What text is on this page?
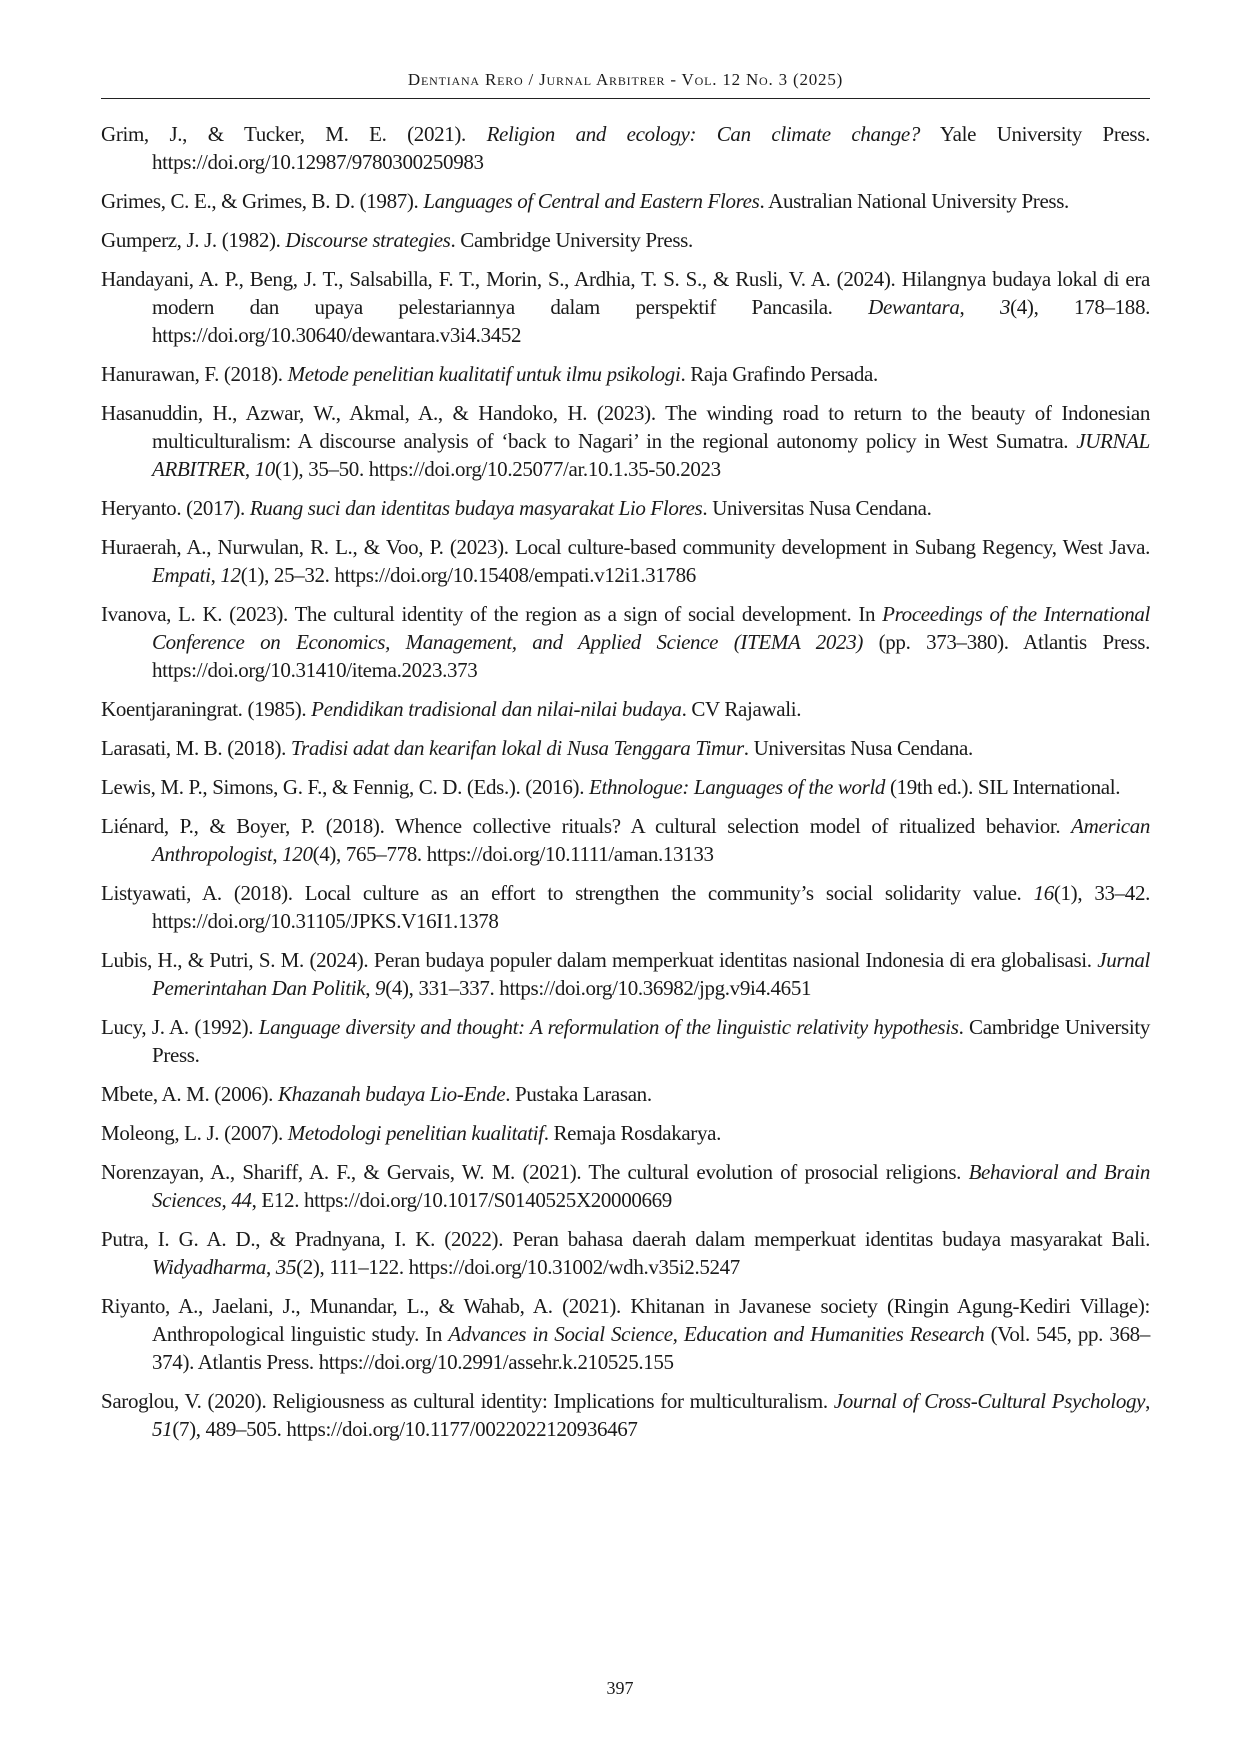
Dentiana Rero / Jurnal Arbitrer - Vol. 12 No. 3 (2025)

Grim, J., & Tucker, M. E. (2021). Religion and ecology: Can climate change? Yale University Press. https://doi.org/10.12987/9780300250983

Grimes, C. E., & Grimes, B. D. (1987). Languages of Central and Eastern Flores. Australian National University Press.

Gumperz, J. J. (1982). Discourse strategies. Cambridge University Press.

Handayani, A. P., Beng, J. T., Salsabilla, F. T., Morin, S., Ardhia, T. S. S., & Rusli, V. A. (2024). Hilangnya budaya lokal di era modern dan upaya pelestariannya dalam perspektif Pancasila. Dewantara, 3(4), 178–188. https://doi.org/10.30640/dewantara.v3i4.3452

Hanurawan, F. (2018). Metode penelitian kualitatif untuk ilmu psikologi. Raja Grafindo Persada.

Hasanuddin, H., Azwar, W., Akmal, A., & Handoko, H. (2023). The winding road to return to the beauty of Indonesian multiculturalism: A discourse analysis of ‘back to Nagari’ in the regional autonomy policy in West Sumatra. JURNAL ARBITRER, 10(1), 35–50. https://doi.org/10.25077/ar.10.1.35-50.2023

Heryanto. (2017). Ruang suci dan identitas budaya masyarakat Lio Flores. Universitas Nusa Cendana.

Huraerah, A., Nurwulan, R. L., & Voo, P. (2023). Local culture-based community development in Subang Regency, West Java. Empati, 12(1), 25–32. https://doi.org/10.15408/empati.v12i1.31786

Ivanova, L. K. (2023). The cultural identity of the region as a sign of social development. In Proceedings of the International Conference on Economics, Management, and Applied Science (ITEMA 2023) (pp. 373–380). Atlantis Press. https://doi.org/10.31410/itema.2023.373

Koentjaraningrat. (1985). Pendidikan tradisional dan nilai-nilai budaya. CV Rajawali.

Larasati, M. B. (2018). Tradisi adat dan kearifan lokal di Nusa Tenggara Timur. Universitas Nusa Cendana.

Lewis, M. P., Simons, G. F., & Fennig, C. D. (Eds.). (2016). Ethnologue: Languages of the world (19th ed.). SIL International.

Liénard, P., & Boyer, P. (2018). Whence collective rituals? A cultural selection model of ritualized behavior. American Anthropologist, 120(4), 765–778. https://doi.org/10.1111/aman.13133

Listyawati, A. (2018). Local culture as an effort to strengthen the community’s social solidarity value. 16(1), 33–42. https://doi.org/10.31105/JPKS.V16I1.1378

Lubis, H., & Putri, S. M. (2024). Peran budaya populer dalam memperkuat identitas nasional Indonesia di era globalisasi. Jurnal Pemerintahan Dan Politik, 9(4), 331–337. https://doi.org/10.36982/jpg.v9i4.4651

Lucy, J. A. (1992). Language diversity and thought: A reformulation of the linguistic relativity hypothesis. Cambridge University Press.

Mbete, A. M. (2006). Khazanah budaya Lio-Ende. Pustaka Larasan.

Moleong, L. J. (2007). Metodologi penelitian kualitatif. Remaja Rosdakarya.

Norenzayan, A., Shariff, A. F., & Gervais, W. M. (2021). The cultural evolution of prosocial religions. Behavioral and Brain Sciences, 44, E12. https://doi.org/10.1017/S0140525X20000669

Putra, I. G. A. D., & Pradnyana, I. K. (2022). Peran bahasa daerah dalam memperkuat identitas budaya masyarakat Bali. Widyadharma, 35(2), 111–122. https://doi.org/10.31002/wdh.v35i2.5247

Riyanto, A., Jaelani, J., Munandar, L., & Wahab, A. (2021). Khitanan in Javanese society (Ringin Agung-Kediri Village): Anthropological linguistic study. In Advances in Social Science, Education and Humanities Research (Vol. 545, pp. 368–374). Atlantis Press. https://doi.org/10.2991/assehr.k.210525.155

Saroglou, V. (2020). Religiousness as cultural identity: Implications for multiculturalism. Journal of Cross-Cultural Psychology, 51(7), 489–505. https://doi.org/10.1177/0022022120936467

397
